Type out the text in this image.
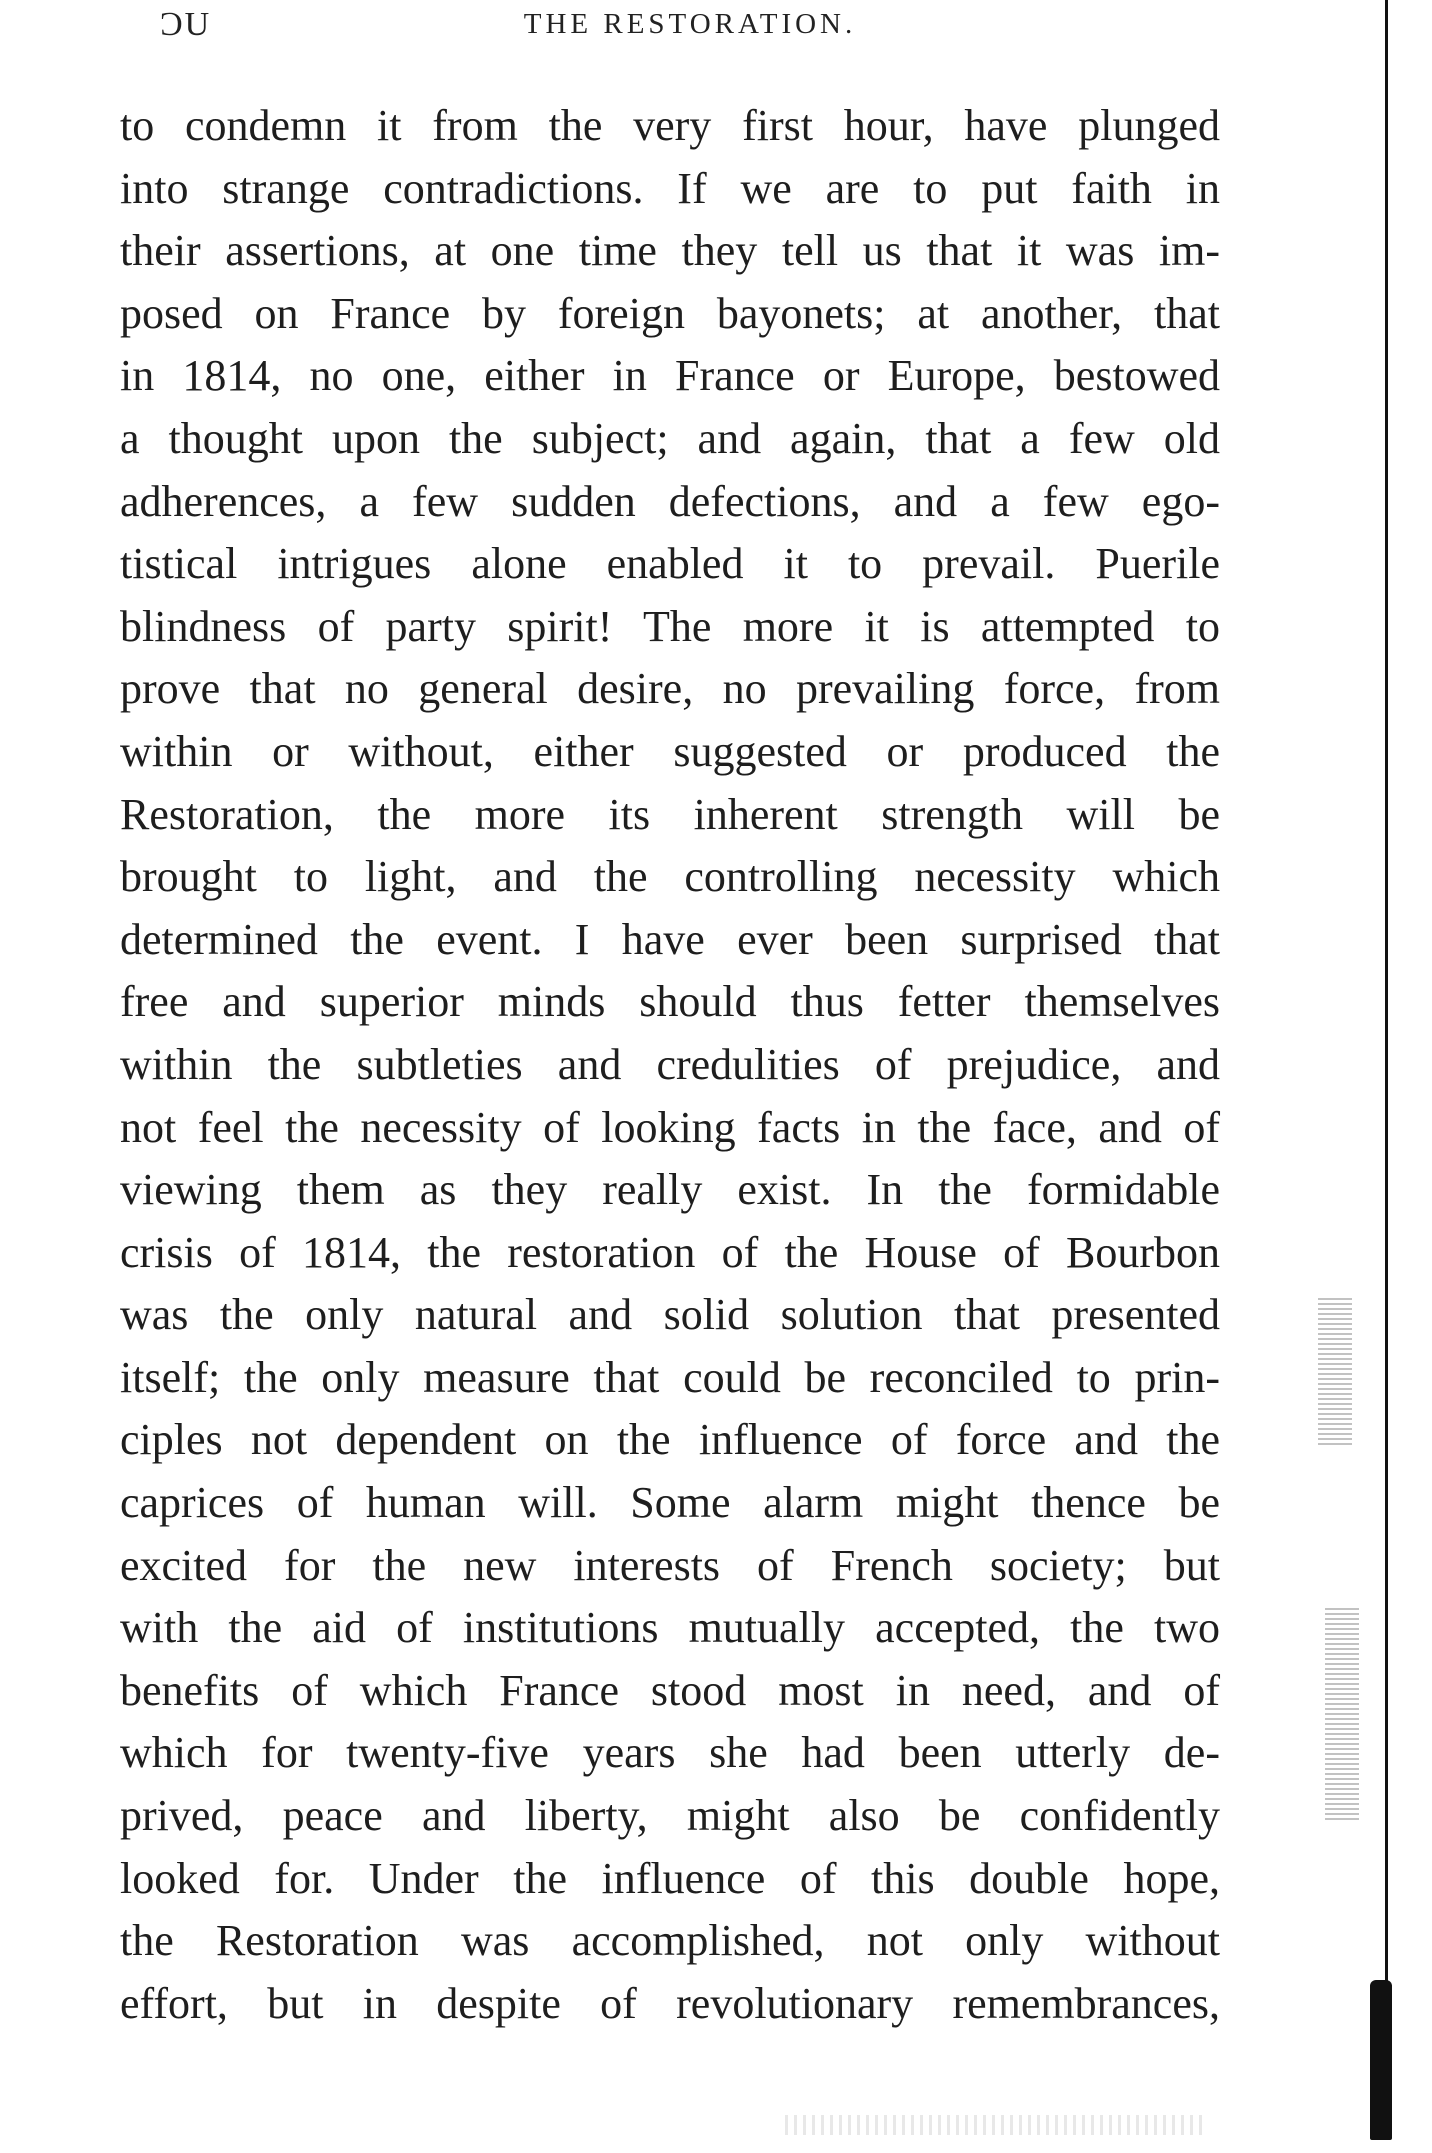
ƆU	THE RESTORATION.
to condemn it from the very first hour, have plunged
into strange contradictions. If we are to put faith in
their assertions, at one time they tell us that it was im-
posed on France by foreign bayonets; at another, that
in 1814, no one, either in France or Europe, bestowed
a thought upon the subject; and again, that a few old
adherences, a few sudden defections, and a few ego-
tistical intrigues alone enabled it to prevail. Puerile
blindness of party spirit! The more it is attempted to
prove that no general desire, no prevailing force, from
within or without, either suggested or produced the
Restoration, the more its inherent strength will be
brought to light, and the controlling necessity which
determined the event. I have ever been surprised that
free and superior minds should thus fetter themselves
within the subtleties and credulities of prejudice, and
not feel the necessity of looking facts in the face, and of
viewing them as they really exist. In the formidable
crisis of 1814, the restoration of the House of Bourbon
was the only natural and solid solution that presented
itself; the only measure that could be reconciled to prin-
ciples not dependent on the influence of force and the
caprices of human will. Some alarm might thence be
excited for the new interests of French society; but
with the aid of institutions mutually accepted, the two
benefits of which France stood most in need, and of
which for twenty-five years she had been utterly de-
prived, peace and liberty, might also be confidently
looked for. Under the influence of this double hope,
the Restoration was accomplished, not only without
effort, but in despite of revolutionary remembrances,
